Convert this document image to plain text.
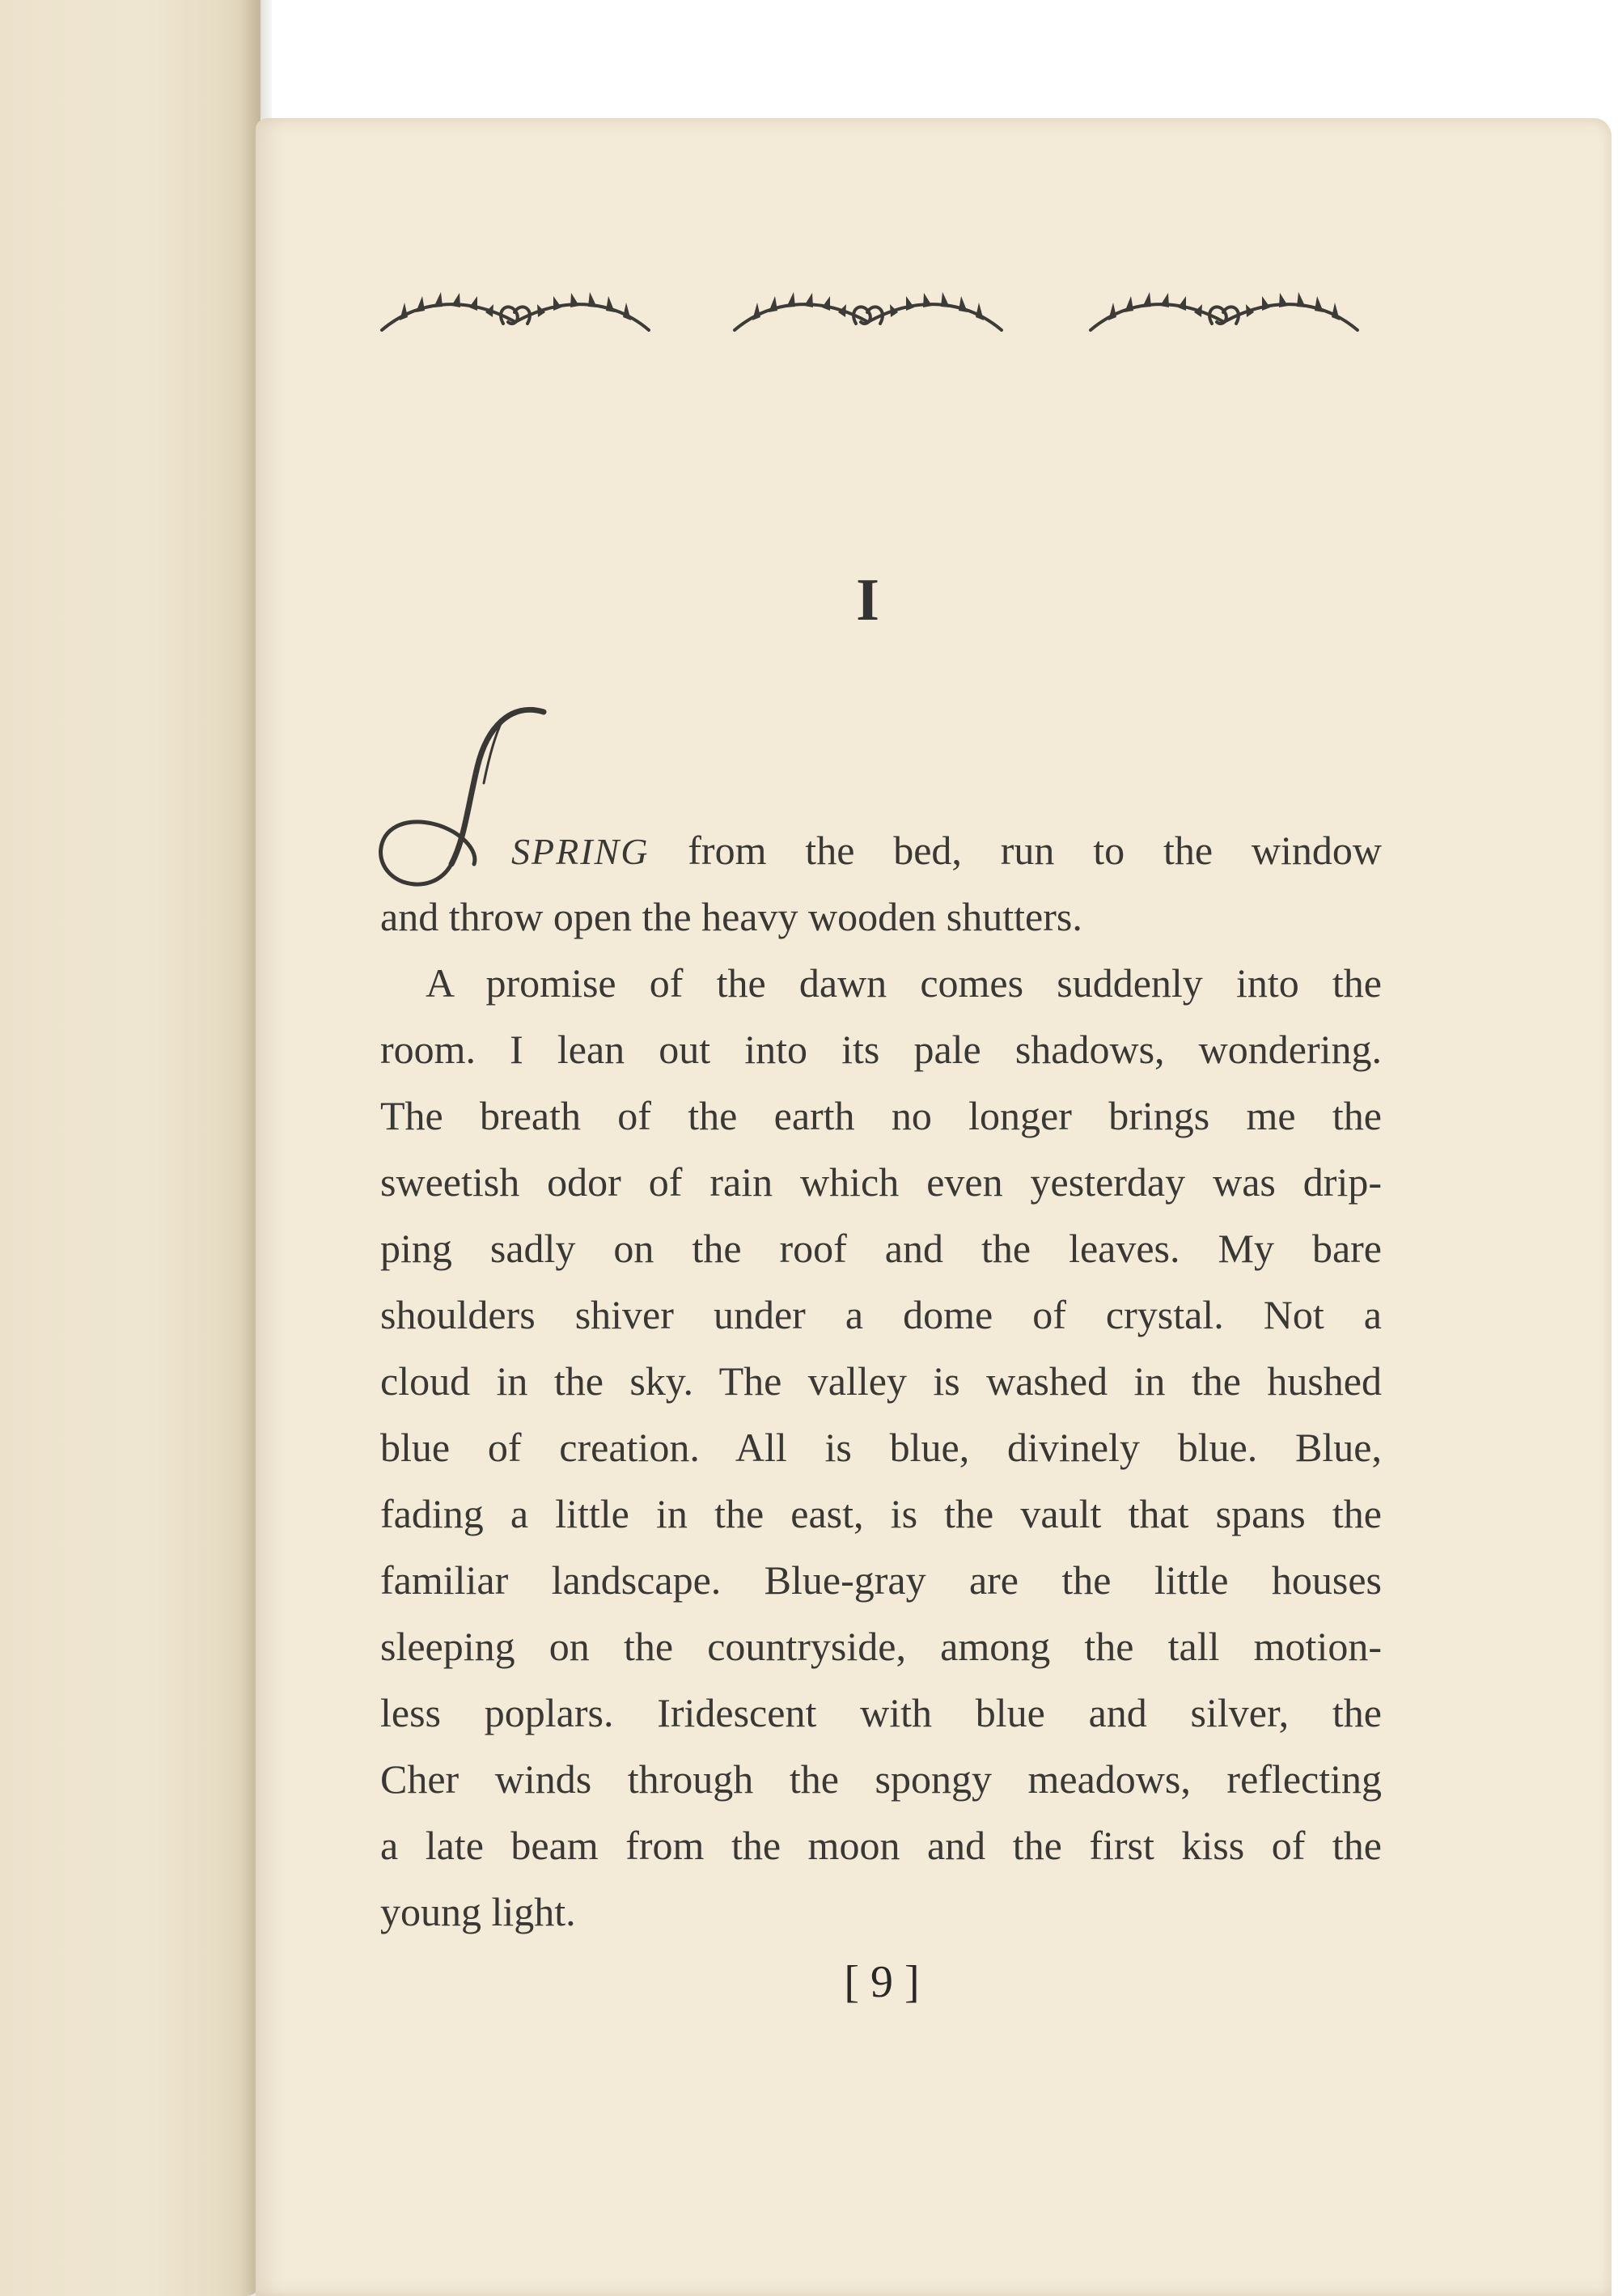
I
SPRING from the bed, run to the window
and throw open the heavy wooden shutters.
A promise of the dawn comes suddenly into the
room. I lean out into its pale shadows, wondering.
The breath of the earth no longer brings me the
sweetish odor of rain which even yesterday was drip-
ping sadly on the roof and the leaves. My bare
shoulders shiver under a dome of crystal. Not a
cloud in the sky. The valley is washed in the hushed
blue of creation. All is blue, divinely blue. Blue,
fading a little in the east, is the vault that spans the
familiar landscape. Blue-gray are the little houses
sleeping on the countryside, among the tall motion-
less poplars. Iridescent with blue and silver, the
Cher winds through the spongy meadows, reflecting
a late beam from the moon and the first kiss of the
young light.
[ 9 ]
